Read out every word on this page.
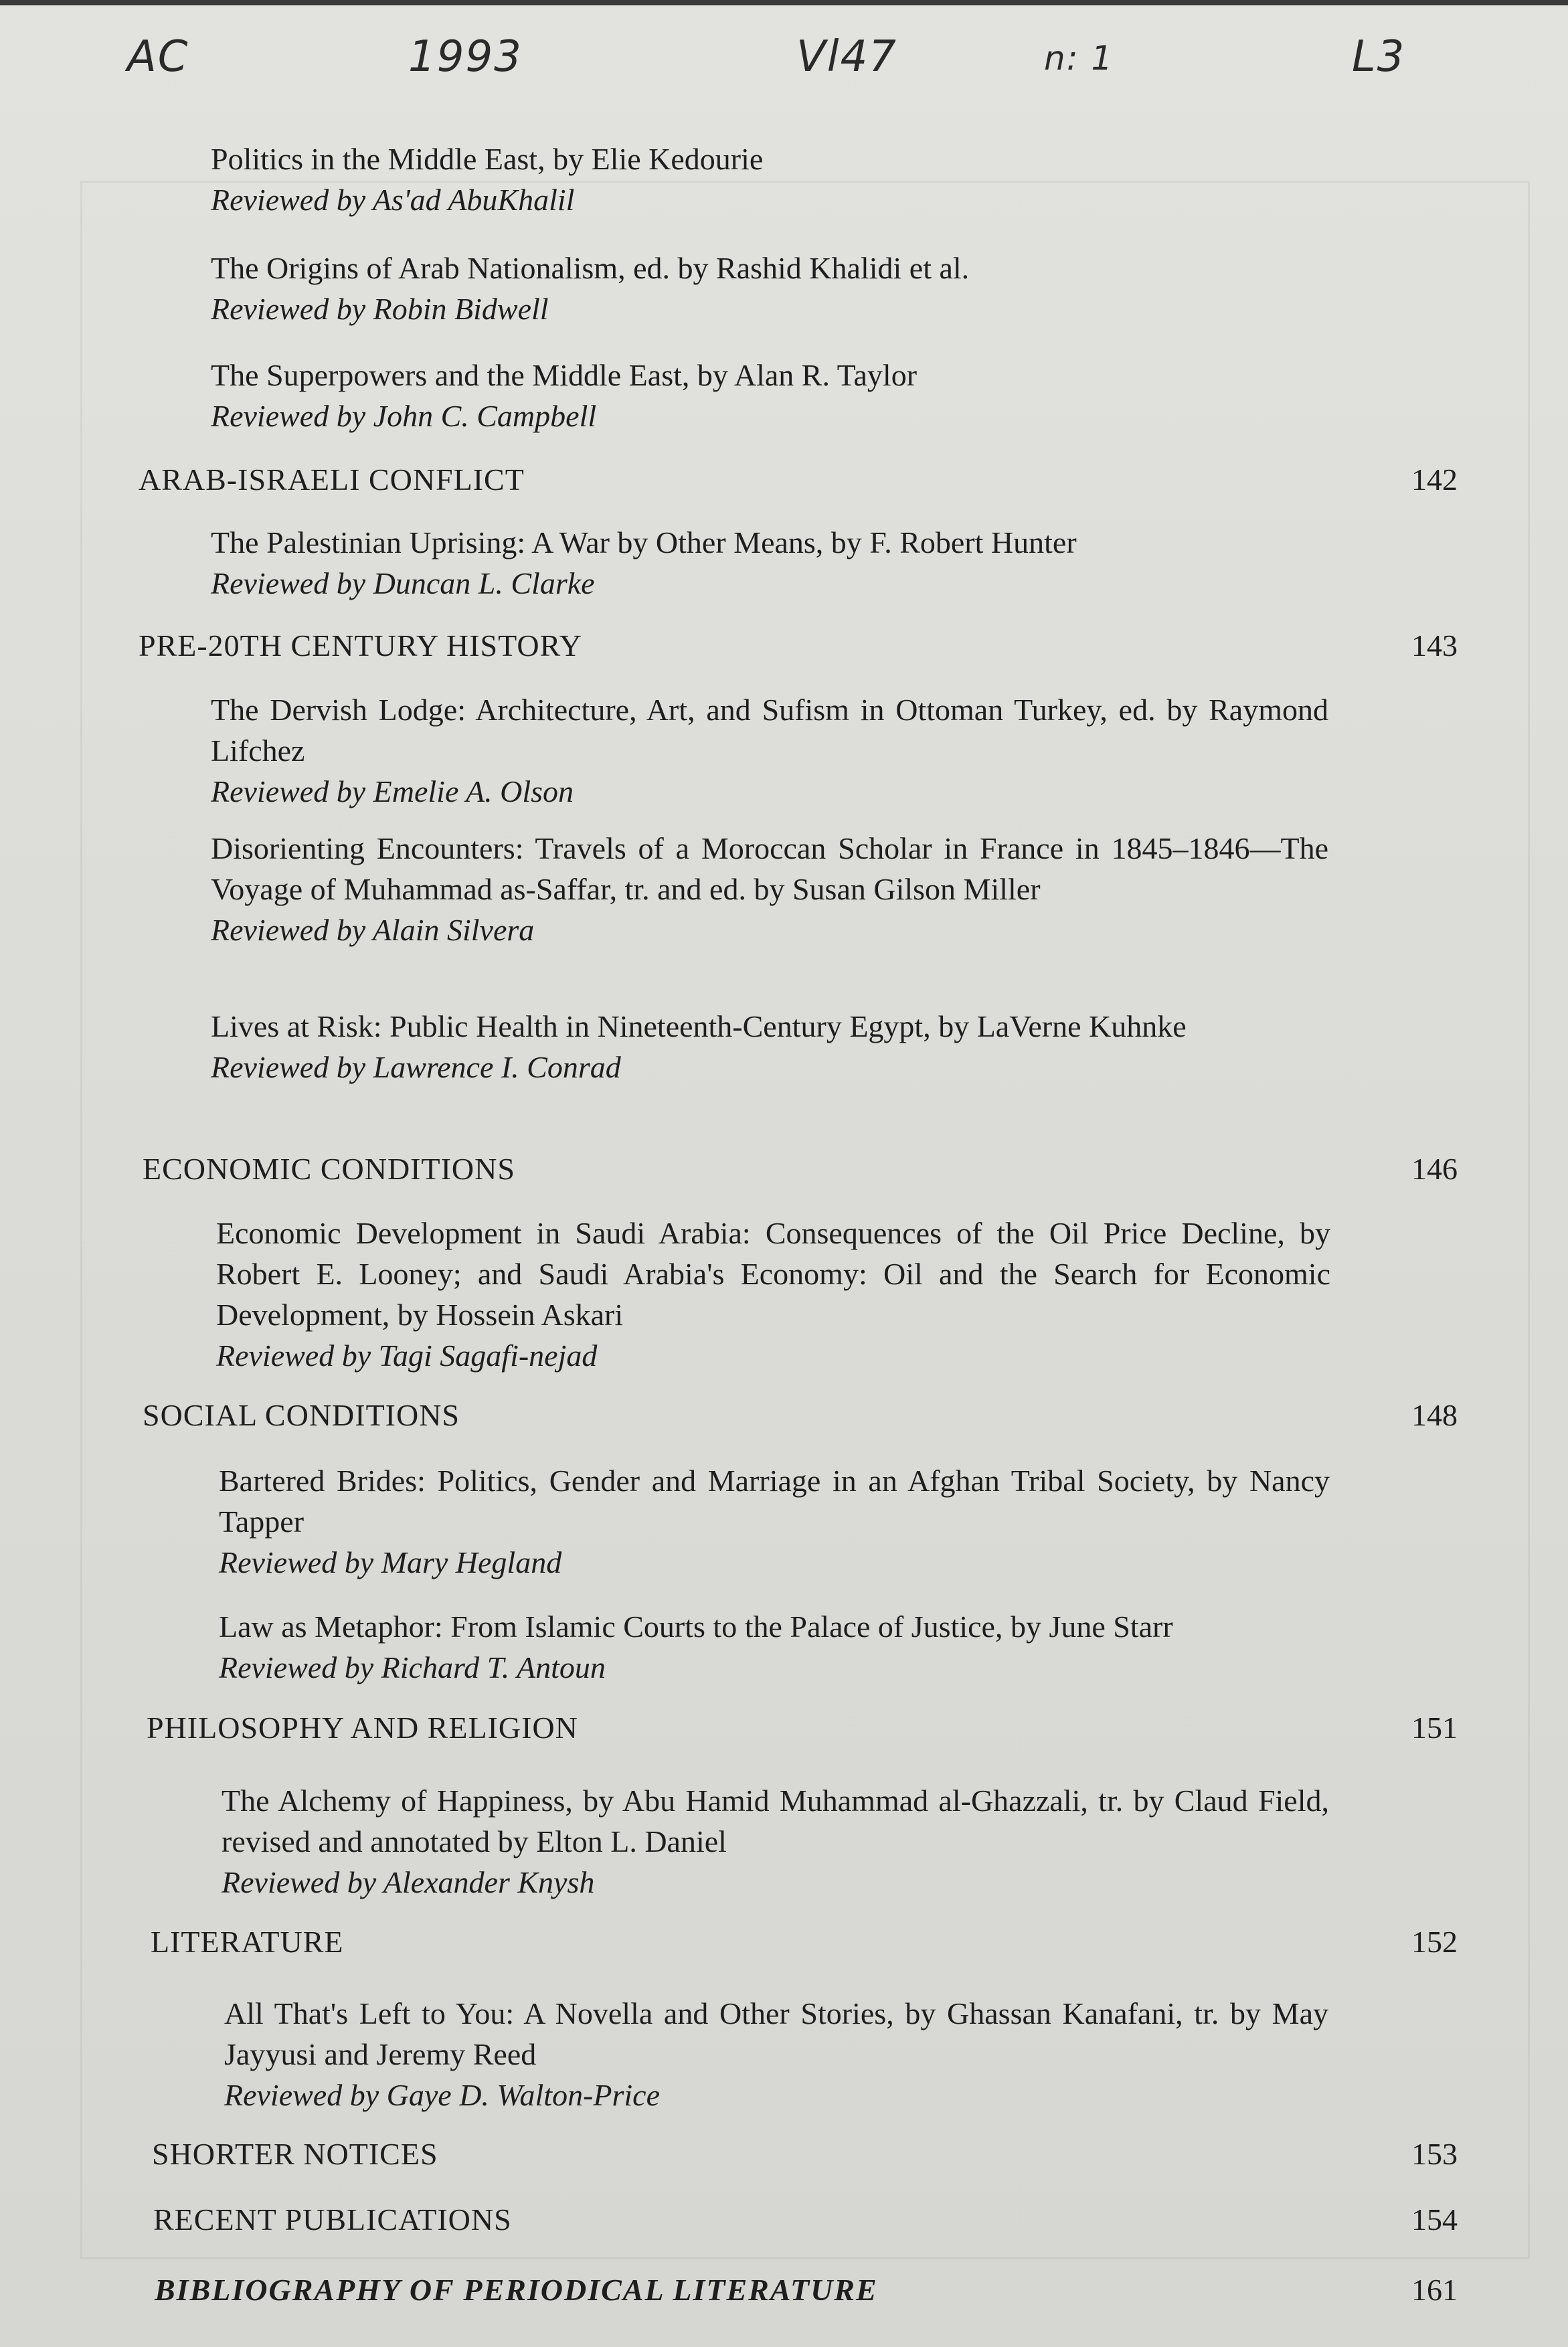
AC	1993	Vl47	n: 1	L3
Politics in the Middle East, by Elie Kedourie
Reviewed by As'ad AbuKhalil
The Origins of Arab Nationalism, ed. by Rashid Khalidi et al.
Reviewed by Robin Bidwell
The Superpowers and the Middle East, by Alan R. Taylor
Reviewed by John C. Campbell
ARAB-ISRAELI CONFLICT	142
The Palestinian Uprising: A War by Other Means, by F. Robert Hunter
Reviewed by Duncan L. Clarke
PRE-20TH CENTURY HISTORY	143
The Dervish Lodge: Architecture, Art, and Sufism in Ottoman Turkey, ed. by Raymond Lifchez
Reviewed by Emelie A. Olson
Disorienting Encounters: Travels of a Moroccan Scholar in France in 1845–1846—The Voyage of Muhammad as-Saffar, tr. and ed. by Susan Gilson Miller
Reviewed by Alain Silvera
Lives at Risk: Public Health in Nineteenth-Century Egypt, by LaVerne Kuhnke
Reviewed by Lawrence I. Conrad
ECONOMIC CONDITIONS	146
Economic Development in Saudi Arabia: Consequences of the Oil Price Decline, by Robert E. Looney; and Saudi Arabia's Economy: Oil and the Search for Economic Development, by Hossein Askari
Reviewed by Tagi Sagafi-nejad
SOCIAL CONDITIONS	148
Bartered Brides: Politics, Gender and Marriage in an Afghan Tribal Society, by Nancy Tapper
Reviewed by Mary Hegland
Law as Metaphor: From Islamic Courts to the Palace of Justice, by June Starr
Reviewed by Richard T. Antoun
PHILOSOPHY AND RELIGION	151
The Alchemy of Happiness, by Abu Hamid Muhammad al-Ghazzali, tr. by Claud Field, revised and annotated by Elton L. Daniel
Reviewed by Alexander Knysh
LITERATURE	152
All That's Left to You: A Novella and Other Stories, by Ghassan Kanafani, tr. by May Jayyusi and Jeremy Reed
Reviewed by Gaye D. Walton-Price
SHORTER NOTICES	153
RECENT PUBLICATIONS	154
BIBLIOGRAPHY OF PERIODICAL LITERATURE	161
